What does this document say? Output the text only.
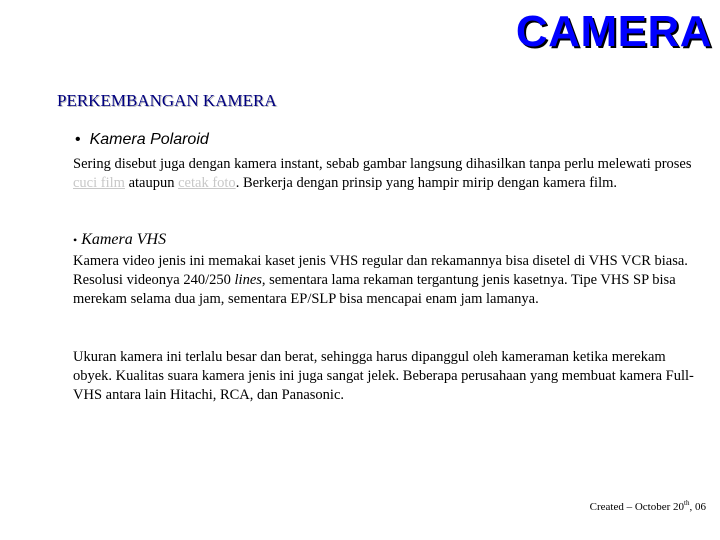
CAMERA
PERKEMBANGAN KAMERA
• Kamera Polaroid

Sering disebut juga dengan kamera instant, sebab gambar langsung dihasilkan tanpa perlu melewati proses cuci film ataupun cetak foto. Berkerja dengan prinsip yang hampir mirip dengan kamera film.

• Kamera VHS

Kamera video jenis ini memakai kaset jenis VHS regular dan rekamannya bisa disetel di VHS VCR biasa. Resolusi videonya 240/250 lines, sementara lama rekaman tergantung jenis kasetnya. Tipe VHS SP bisa merekam selama dua jam, sementara EP/SLP bisa mencapai enam jam lamanya.

Ukuran kamera ini terlalu besar dan berat, sehingga harus dipanggul oleh kameraman ketika merekam obyek. Kualitas suara kamera jenis ini juga sangat jelek. Beberapa perusahaan yang membuat kamera Full-VHS antara lain Hitachi, RCA, dan Panasonic.

Created – October 20th, 06
